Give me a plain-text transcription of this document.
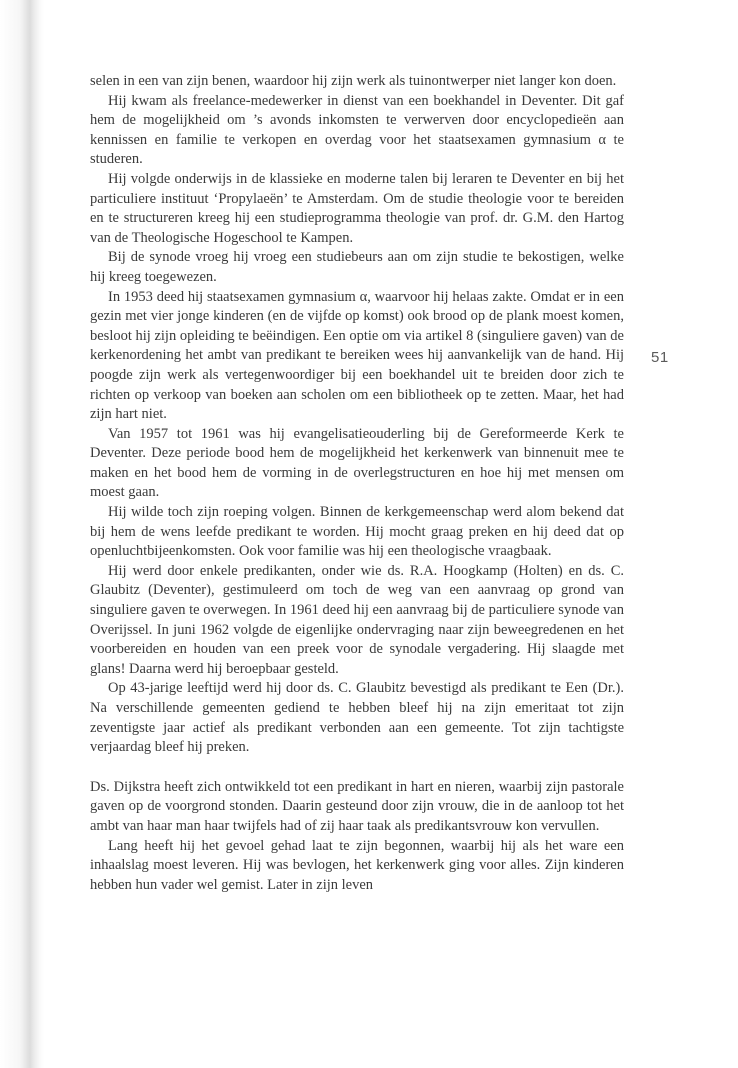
51

selen in een van zijn benen, waardoor hij zijn werk als tuinontwerper niet langer kon doen.

Hij kwam als freelance-medewerker in dienst van een boekhandel in Deventer. Dit gaf hem de mogelijkheid om ’s avonds inkomsten te verwerven door encyclopedieën aan kennissen en familie te verkopen en overdag voor het staatsexamen gymnasium α te studeren.

Hij volgde onderwijs in de klassieke en moderne talen bij leraren te Deventer en bij het particuliere instituut ‘Propylaeën’ te Amsterdam. Om de studie theologie voor te bereiden en te structureren kreeg hij een studieprogramma theologie van prof. dr. G.M. den Hartog van de Theologische Hogeschool te Kampen.

Bij de synode vroeg hij vroeg een studiebeurs aan om zijn studie te bekostigen, welke hij kreeg toegewezen.

In 1953 deed hij staatsexamen gymnasium α, waarvoor hij helaas zakte. Omdat er in een gezin met vier jonge kinderen (en de vijfde op komst) ook brood op de plank moest komen, besloot hij zijn opleiding te beëindigen. Een optie om via artikel 8 (singuliere gaven) van de kerkenordening het ambt van predikant te bereiken wees hij aanvankelijk van de hand. Hij poogde zijn werk als vertegenwoordiger bij een boekhandel uit te breiden door zich te richten op verkoop van boeken aan scholen om een bibliotheek op te zetten. Maar, het had zijn hart niet.

Van 1957 tot 1961 was hij evangelisatieouderling bij de Gereformeerde Kerk te Deventer. Deze periode bood hem de mogelijkheid het kerkenwerk van binnenuit mee te maken en het bood hem de vorming in de overlegstructuren en hoe hij met mensen om moest gaan.

Hij wilde toch zijn roeping volgen. Binnen de kerkgemeenschap werd alom bekend dat bij hem de wens leefde predikant te worden. Hij mocht graag preken en hij deed dat op openluchtbijeenkomsten. Ook voor familie was hij een theologische vraagbaak.

Hij werd door enkele predikanten, onder wie ds. R.A. Hoogkamp (Holten) en ds. C. Glaubitz (Deventer), gestimuleerd om toch de weg van een aanvraag op grond van singuliere gaven te overwegen. In 1961 deed hij een aanvraag bij de particuliere synode van Overijssel. In juni 1962 volgde de eigenlijke ondervraging naar zijn beweegredenen en het voorbereiden en houden van een preek voor de synodale vergadering. Hij slaagde met glans! Daarna werd hij beroepbaar gesteld.

Op 43-jarige leeftijd werd hij door ds. C. Glaubitz bevestigd als predikant te Een (Dr.). Na verschillende gemeenten gediend te hebben bleef hij na zijn emeritaat tot zijn zeventigste jaar actief als predikant verbonden aan een gemeente. Tot zijn tachtigste verjaardag bleef hij preken.

Ds. Dijkstra heeft zich ontwikkeld tot een predikant in hart en nieren, waarbij zijn pastorale gaven op de voorgrond stonden. Daarin gesteund door zijn vrouw, die in de aanloop tot het ambt van haar man haar twijfels had of zij haar taak als predikantsvrouw kon vervullen.

Lang heeft hij het gevoel gehad laat te zijn begonnen, waarbij hij als het ware een inhaalslag moest leveren. Hij was bevlogen, het kerkenwerk ging voor alles. Zijn kinderen hebben hun vader wel gemist. Later in zijn leven
